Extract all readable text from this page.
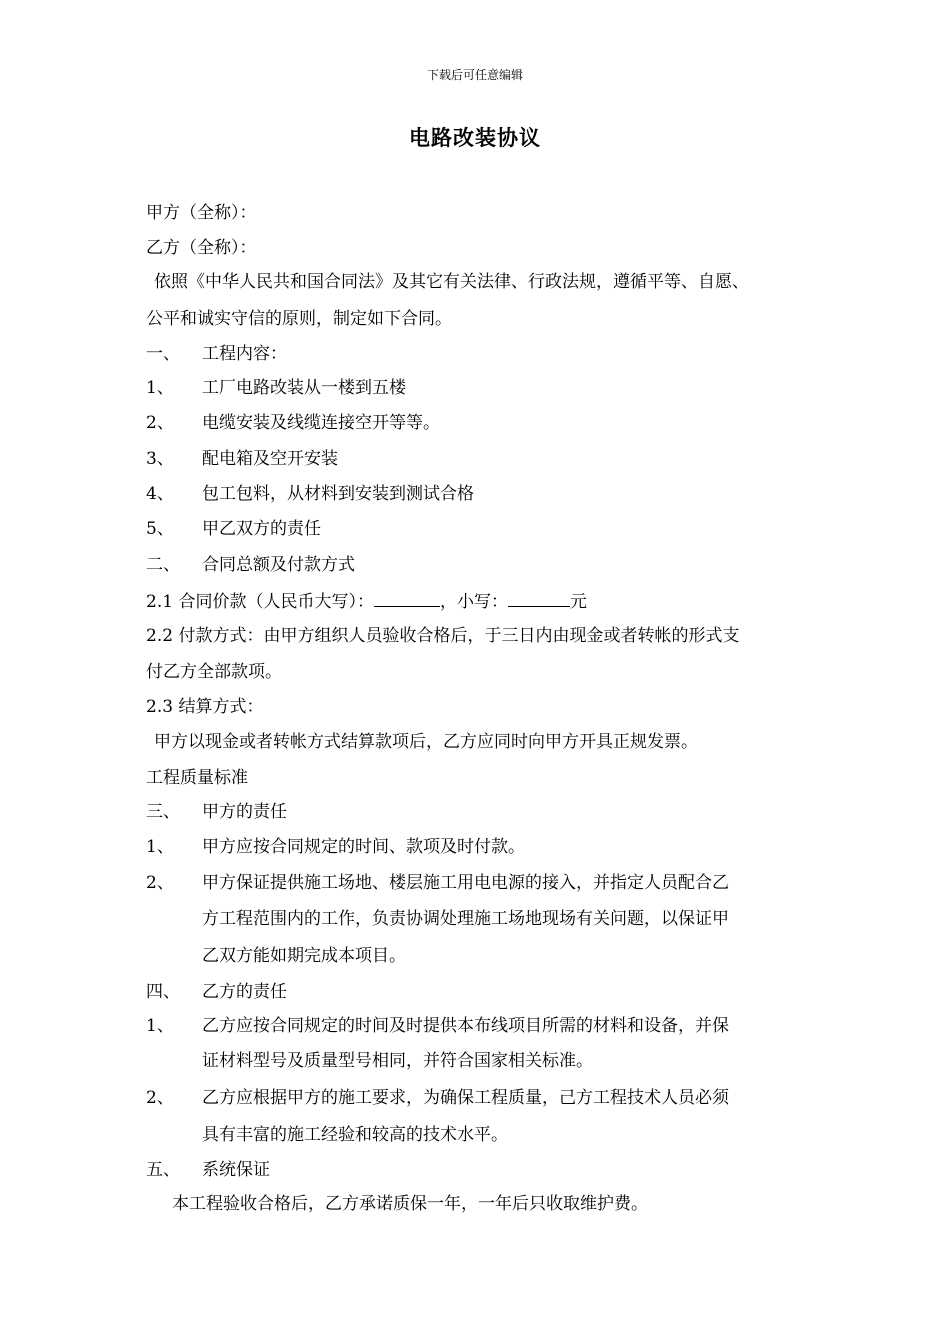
下载后可任意编辑
电路改装协议
甲方（全称）：
乙方（全称）：
依照《中华人民共和国合同法》及其它有关法律、行政法规，遵循平等、自愿、
公平和诚实守信的原则，制定如下合同。
一、 工程内容：
1、 工厂电路改装从一楼到五楼
2、 电缆安装及线缆连接空开等等。
3、 配电箱及空开安装
4、 包工包料，从材料到安装到测试合格
5、 甲乙双方的责任
二、 合同总额及付款方式
2.1 合同价款（人民币大写）：	，小写：	元
2.2 付款方式：由甲方组织人员验收合格后，于三日内由现金或者转帐的形式支
付乙方全部款项。
2.3 结算方式：
甲方以现金或者转帐方式结算款项后，乙方应同时向甲方开具正规发票。
工程质量标准
三、 甲方的责任
1、 甲方应按合同规定的时间、款项及时付款。
2、 甲方保证提供施工场地、楼层施工用电电源的接入，并指定人员配合乙
方工程范围内的工作，负责协调处理施工场地现场有关问题，以保证甲
乙双方能如期完成本项目。
四、 乙方的责任
1、 乙方应按合同规定的时间及时提供本布线项目所需的材料和设备，并保
证材料型号及质量型号相同，并符合国家相关标准。
2、 乙方应根据甲方的施工要求，为确保工程质量，己方工程技术人员必须
具有丰富的施工经验和较高的技术水平。
五、 系统保证
本工程验收合格后，乙方承诺质保一年，一年后只收取维护费。
